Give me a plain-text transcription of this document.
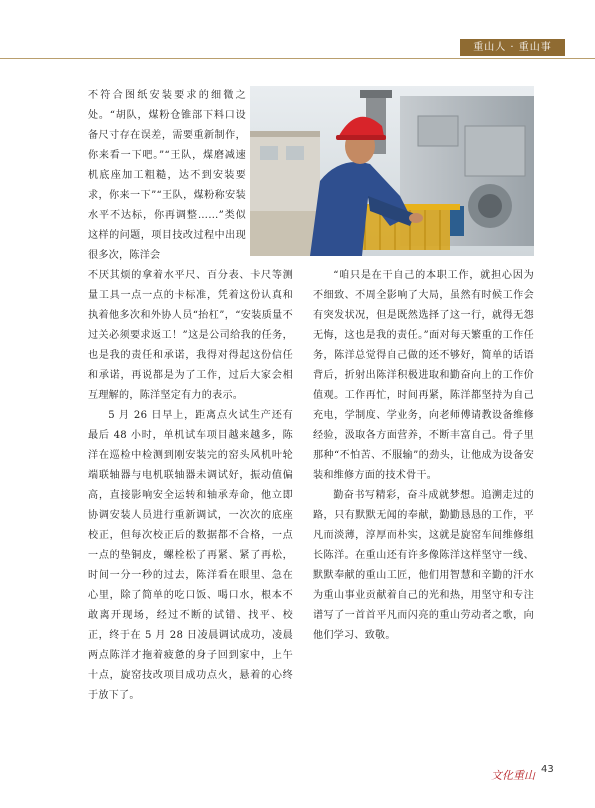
重山人 · 重山事

不符合图纸安装要求的细微之处。“胡队，煤粉仓锥部下料口设备尺寸存在误差，需要重新制作，你来看一下吧。”“王队，煤磨减速机底座加工粗糙，达不到安装要求，你来一下”“王队，煤粉称安装水平不达标，你再调整……”类似这样的问题，项目技改过程中出现很多次，陈洋会

不厌其烦的拿着水平尺、百分表、卡尺等测量工具一点一点的卡标准，凭着这份认真和执着他多次和外协人员“抬杠”，“安装质量不过关必须要求返工！”这是公司给我的任务，也是我的责任和承诺，我得对得起这份信任和承诺，再说都是为了工作，过后大家会相互理解的，陈洋坚定有力的表示。

5 月 26 日早上，距离点火试生产还有最后 48 小时，单机试车项目越来越多，陈洋在巡检中检测到刚安装完的窑头风机叶轮端联轴器与电机联轴器未调试好，振动值偏高，直接影响安全运转和轴承寿命，他立即协调安装人员进行重新调试，一次次的底座校正，但每次校正后的数据都不合格，一点一点的垫铜皮，螺栓松了再紧、紧了再松，时间一分一秒的过去，陈洋看在眼里、急在心里，除了简单的吃口饭、喝口水，根本不敢离开现场，经过不断的试错、找平、校正，终于在 5 月 28 日凌晨调试成功，凌晨两点陈洋才拖着疲惫的身子回到家中，上午十点，旋窑技改项目成功点火，悬着的心终于放下了。

“咱只是在干自己的本职工作，就担心因为不细致、不周全影响了大局，虽然有时候工作会有突发状况，但是既然选择了这一行，就得无怨无悔，这也是我的责任。”面对每天繁重的工作任务，陈洋总觉得自己做的还不够好，简单的话语背后，折射出陈洋积极进取和勤奋向上的工作价值观。工作再忙，时间再紧，陈洋都坚持为自己充电，学制度、学业务，向老师傅请教设备维修经验，汲取各方面营养，不断丰富自己。骨子里那种“不怕苦、不服输”的劲头，让他成为设备安装和维修方面的技术骨干。

勤奋书写精彩，奋斗成就梦想。追溯走过的路，只有默默无闻的奉献，勤勤恳恳的工作，平凡而淡薄，淳厚而朴实，这就是旋窑车间维修组长陈洋。在重山还有许多像陈洋这样坚守一线、默默奉献的重山工匠，他们用智慧和辛勤的汗水为重山事业贡献着自己的光和热，用坚守和专注谱写了一首首平凡而闪亮的重山劳动者之歌，向他们学习、致敬。

文化重山 43
